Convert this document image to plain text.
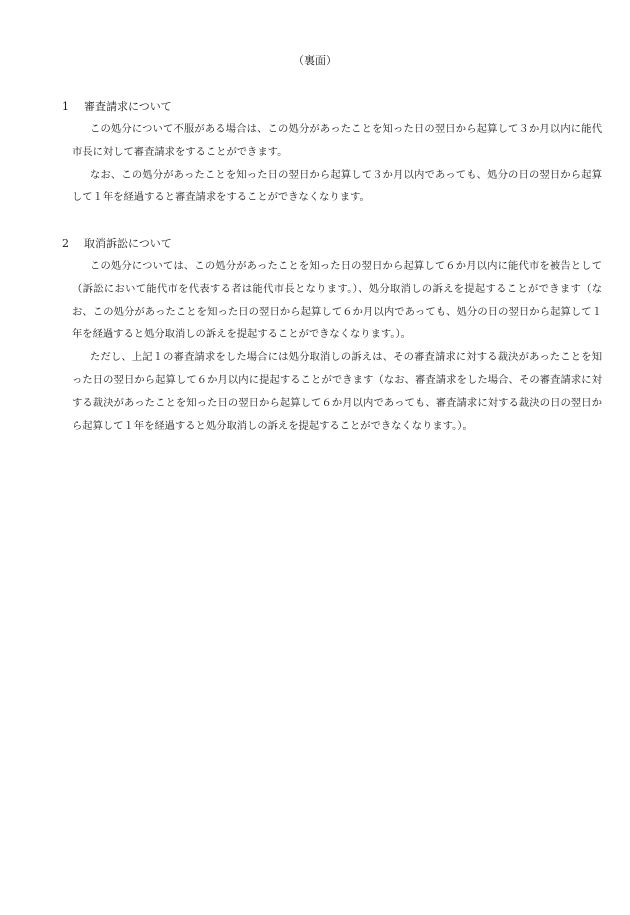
（裏面）
1 審査請求について

この処分について不服がある場合は、この処分があったことを知った日の翌日から起算して３か月以内に能代市長に対して審査請求をすることができます。

なお、この処分があったことを知った日の翌日から起算して３か月以内であっても、処分の日の翌日から起算して１年を経過すると審査請求をすることができなくなります。

2 取消訴訟について

この処分については、この処分があったことを知った日の翌日から起算して６か月以内に能代市を被告として（訴訟において能代市を代表する者は能代市長となります。）、処分取消しの訴えを提起することができます（なお、この処分があったことを知った日の翌日から起算して６か月以内であっても、処分の日の翌日から起算して１年を経過すると処分取消しの訴えを提起することができなくなります。）。

ただし、上記１の審査請求をした場合には処分取消しの訴えは、その審査請求に対する裁決があったことを知った日の翌日から起算して６か月以内に提起することができます（なお、審査請求をした場合、その審査請求に対する裁決があったことを知った日の翌日から起算して６か月以内であっても、審査請求に対する裁決の日の翌日から起算して１年を経過すると処分取消しの訴えを提起することができなくなります。）。
